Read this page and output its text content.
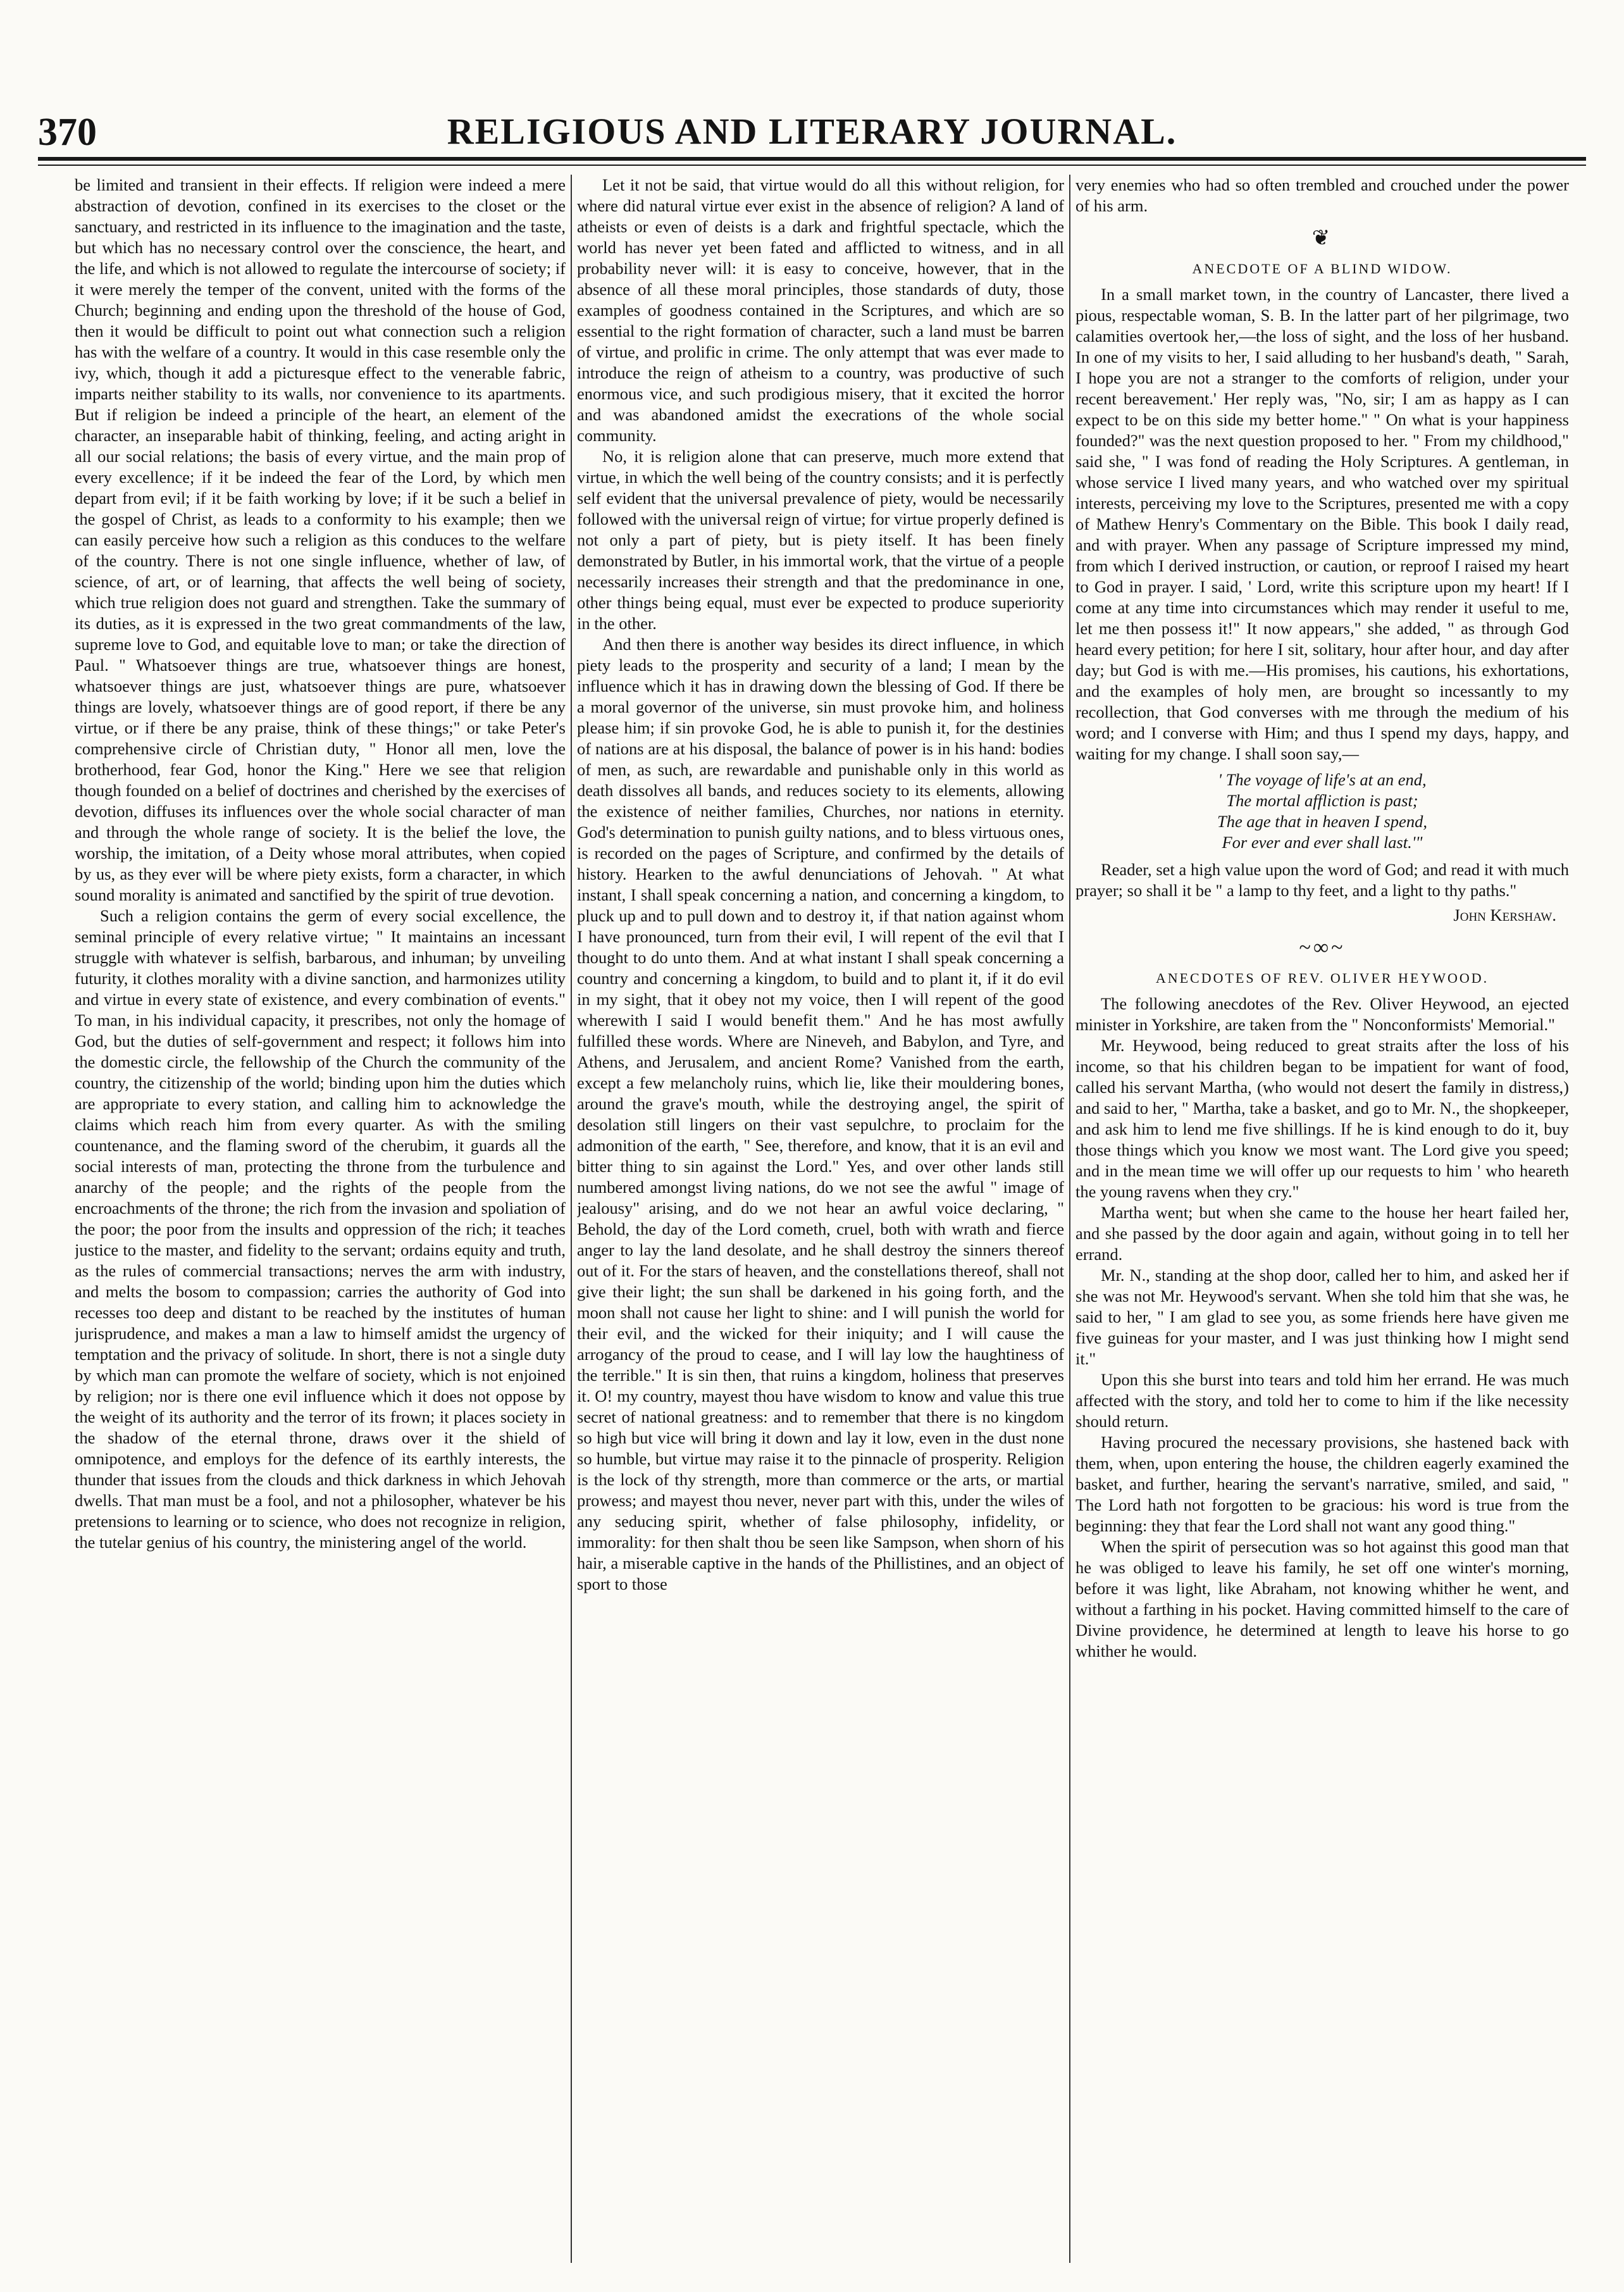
370	RELIGIOUS AND LITERARY JOURNAL.

be limited and transient in their effects. If religion were indeed a mere abstraction of devotion, confined in its exercises to the closet or the sanctuary, and restricted in its influence to the imagination and the taste, but which has no necessary control over the conscience, the heart, and the life, and which is not allowed to regulate the intercourse of society; if it were merely the temper of the convent, united with the forms of the Church; beginning and ending upon the threshold of the house of God, then it would be difficult to point out what connection such a religion has with the welfare of a country. It would in this case resemble only the ivy, which, though it add a picturesque effect to the venerable fabric, imparts neither stability to its walls, nor convenience to its apartments. But if religion be indeed a principle of the heart, an element of the character, an inseparable habit of thinking, feeling, and acting aright in all our social relations; the basis of every virtue, and the main prop of every excellence; if it be indeed the fear of the Lord, by which men depart from evil; if it be faith working by love; if it be such a belief in the gospel of Christ, as leads to a conformity to his example; then we can easily perceive how such a religion as this conduces to the welfare of the country. There is not one single influence, whether of law, of science, of art, or of learning, that affects the well being of society, which true religion does not guard and strengthen. Take the summary of its duties, as it is expressed in the two great commandments of the law, supreme love to God, and equitable love to man; or take the direction of Paul. " Whatsoever things are true, whatsoever things are honest, whatsoever things are just, whatsoever things are pure, whatsoever things are lovely, whatsoever things are of good report, if there be any virtue, or if there be any praise, think of these things;" or take Peter's comprehensive circle of Christian duty, " Honor all men, love the brotherhood, fear God, honor the King." Here we see that religion though founded on a belief of doctrines and cherished by the exercises of devotion, diffuses its influences over the whole social character of man and through the whole range of society. It is the belief the love, the worship, the imitation, of a Deity whose moral attributes, when copied by us, as they ever will be where piety exists, form a character, in which sound morality is animated and sanctified by the spirit of true devotion.

Such a religion contains the germ of every social excellence, the seminal principle of every relative virtue; " It maintains an incessant struggle with whatever is selfish, barbarous, and inhuman; by unveiling futurity, it clothes morality with a divine sanction, and harmonizes utility and virtue in every state of existence, and every combination of events." To man, in his individual capacity, it prescribes, not only the homage of God, but the duties of self-government and respect; it follows him into the domestic circle, the fellowship of the Church the community of the country, the citizenship of the world; binding upon him the duties which are appropriate to every station, and calling him to acknowledge the claims which reach him from every quarter. As with the smiling countenance, and the flaming sword of the cherubim, it guards all the social interests of man, protecting the throne from the turbulence and anarchy of the people; and the rights of the people from the encroachments of the throne; the rich from the invasion and spoliation of the poor; the poor from the insults and oppression of the rich; it teaches justice to the master, and fidelity to the servant; ordains equity and truth, as the rules of commercial transactions; nerves the arm with industry, and melts the bosom to compassion; carries the authority of God into recesses too deep and distant to be reached by the institutes of human jurisprudence, and makes a man a law to himself amidst the urgency of temptation and the privacy of solitude. In short, there is not a single duty by which man can promote the welfare of society, which is not enjoined by religion; nor is there one evil influence which it does not oppose by the weight of its authority and the terror of its frown; it places society in the shadow of the eternal throne, draws over it the shield of omnipotence, and employs for the defence of its earthly interests, the thunder that issues from the clouds and thick darkness in which Jehovah dwells. That man must be a fool, and not a philosopher, whatever be his pretensions to learning or to science, who does not recognize in religion, the tutelar genius of his country, the ministering angel of the world.

Let it not be said, that virtue would do all this without religion, for where did natural virtue ever exist in the absence of religion? A land of atheists or even of deists is a dark and frightful spectacle, which the world has never yet been fated and afflicted to witness, and in all probability never will: it is easy to conceive, however, that in the absence of all these moral principles, those standards of duty, those examples of goodness contained in the Scriptures, and which are so essential to the right formation of character, such a land must be barren of virtue, and prolific in crime. The only attempt that was ever made to introduce the reign of atheism to a country, was productive of such enormous vice, and such prodigious misery, that it excited the horror and was abandoned amidst the execrations of the whole social community.

No, it is religion alone that can preserve, much more extend that virtue, in which the well being of the country consists; and it is perfectly self evident that the universal prevalence of piety, would be necessarily followed with the universal reign of virtue; for virtue properly defined is not only a part of piety, but is piety itself. It has been finely demonstrated by Butler, in his immortal work, that the virtue of a people necessarily increases their strength and that the predominance in one, other things being equal, must ever be expected to produce superiority in the other.

And then there is another way besides its direct influence, in which piety leads to the prosperity and security of a land; I mean by the influence which it has in drawing down the blessing of God. If there be a moral governor of the universe, sin must provoke him, and holiness please him; if sin provoke God, he is able to punish it, for the destinies of nations are at his disposal, the balance of power is in his hand: bodies of men, as such, are rewardable and punishable only in this world as death dissolves all bands, and reduces society to its elements, allowing the existence of neither families, Churches, nor nations in eternity. God's determination to punish guilty nations, and to bless virtuous ones, is recorded on the pages of Scripture, and confirmed by the details of history. Hearken to the awful denunciations of Jehovah. " At what instant, I shall speak concerning a nation, and concerning a kingdom, to pluck up and to pull down and to destroy it, if that nation against whom I have pronounced, turn from their evil, I will repent of the evil that I thought to do unto them. And at what instant I shall speak concerning a country and concerning a kingdom, to build and to plant it, if it do evil in my sight, that it obey not my voice, then I will repent of the good wherewith I said I would benefit them." And he has most awfully fulfilled these words. Where are Nineveh, and Babylon, and Tyre, and Athens, and Jerusalem, and ancient Rome? Vanished from the earth, except a few melancholy ruins, which lie, like their mouldering bones, around the grave's mouth, while the destroying angel, the spirit of desolation still lingers on their vast sepulchre, to proclaim for the admonition of the earth, " See, therefore, and know, that it is an evil and bitter thing to sin against the Lord." Yes, and over other lands still numbered amongst living nations, do we not see the awful " image of jealousy" arising, and do we not hear an awful voice declaring, " Behold, the day of the Lord cometh, cruel, both with wrath and fierce anger to lay the land desolate, and he shall destroy the sinners thereof out of it. For the stars of heaven, and the constellations thereof, shall not give their light; the sun shall be darkened in his going forth, and the moon shall not cause her light to shine: and I will punish the world for their evil, and the wicked for their iniquity; and I will cause the arrogancy of the proud to cease, and I will lay low the haughtiness of the terrible." It is sin then, that ruins a kingdom, holiness that preserves it. O! my country, mayest thou have wisdom to know and value this true secret of national greatness: and to remember that there is no kingdom so high but vice will bring it down and lay it low, even in the dust none so humble, but virtue may raise it to the pinnacle of prosperity. Religion is the lock of thy strength, more than commerce or the arts, or martial prowess; and mayest thou never, never part with this, under the wiles of any seducing spirit, whether of false philosophy, infidelity, or immorality: for then shalt thou be seen like Sampson, when shorn of his hair, a miserable captive in the hands of the Phillistines, and an object of sport to those

very enemies who had so often trembled and crouched under the power of his arm.

❦
ANECDOTE OF A BLIND WIDOW.

In a small market town, in the country of Lancaster, there lived a pious, respectable woman, S. B. In the latter part of her pilgrimage, two calamities overtook her,—the loss of sight, and the loss of her husband. In one of my visits to her, I said alluding to her husband's death, " Sarah, I hope you are not a stranger to the comforts of religion, under your recent bereavement.' Her reply was, "No, sir; I am as happy as I can expect to be on this side my better home." " On what is your happiness founded?" was the next question proposed to her. " From my childhood," said she, " I was fond of reading the Holy Scriptures. A gentleman, in whose service I lived many years, and who watched over my spiritual interests, perceiving my love to the Scriptures, presented me with a copy of Mathew Henry's Commentary on the Bible. This book I daily read, and with prayer. When any passage of Scripture impressed my mind, from which I derived instruction, or caution, or reproof I raised my heart to God in prayer. I said, ' Lord, write this scripture upon my heart! If I come at any time into circumstances which may render it useful to me, let me then possess it!" It now appears," she added, " as through God heard every petition; for here I sit, solitary, hour after hour, and day after day; but God is with me.—His promises, his cautions, his exhortations, and the examples of holy men, are brought so incessantly to my recollection, that God converses with me through the medium of his word; and I converse with Him; and thus I spend my days, happy, and waiting for my change. I shall soon say,—

' The voyage of life's at an end,
The mortal affliction is past;
The age that in heaven I spend,
For ever and ever shall last.'"

Reader, set a high value upon the word of God; and read it with much prayer; so shall it be " a lamp to thy feet, and a light to thy paths."

John Kershaw.
~∞~
ANECDOTES OF REV. OLIVER HEYWOOD.

The following anecdotes of the Rev. Oliver Heywood, an ejected minister in Yorkshire, are taken from the " Nonconformists' Memorial."

Mr. Heywood, being reduced to great straits after the loss of his income, so that his children began to be impatient for want of food, called his servant Martha, (who would not desert the family in distress,) and said to her, " Martha, take a basket, and go to Mr. N., the shopkeeper, and ask him to lend me five shillings. If he is kind enough to do it, buy those things which you know we most want. The Lord give you speed; and in the mean time we will offer up our requests to him ' who heareth the young ravens when they cry."

Martha went; but when she came to the house her heart failed her, and she passed by the door again and again, without going in to tell her errand.

Mr. N., standing at the shop door, called her to him, and asked her if she was not Mr. Heywood's servant. When she told him that she was, he said to her, " I am glad to see you, as some friends here have given me five guineas for your master, and I was just thinking how I might send it."

Upon this she burst into tears and told him her errand. He was much affected with the story, and told her to come to him if the like necessity should return.

Having procured the necessary provisions, she hastened back with them, when, upon entering the house, the children eagerly examined the basket, and further, hearing the servant's narrative, smiled, and said, " The Lord hath not forgotten to be gracious: his word is true from the beginning: they that fear the Lord shall not want any good thing."

When the spirit of persecution was so hot against this good man that he was obliged to leave his family, he set off one winter's morning, before it was light, like Abraham, not knowing whither he went, and without a farthing in his pocket. Having committed himself to the care of Divine providence, he determined at length to leave his horse to go whither he would.
